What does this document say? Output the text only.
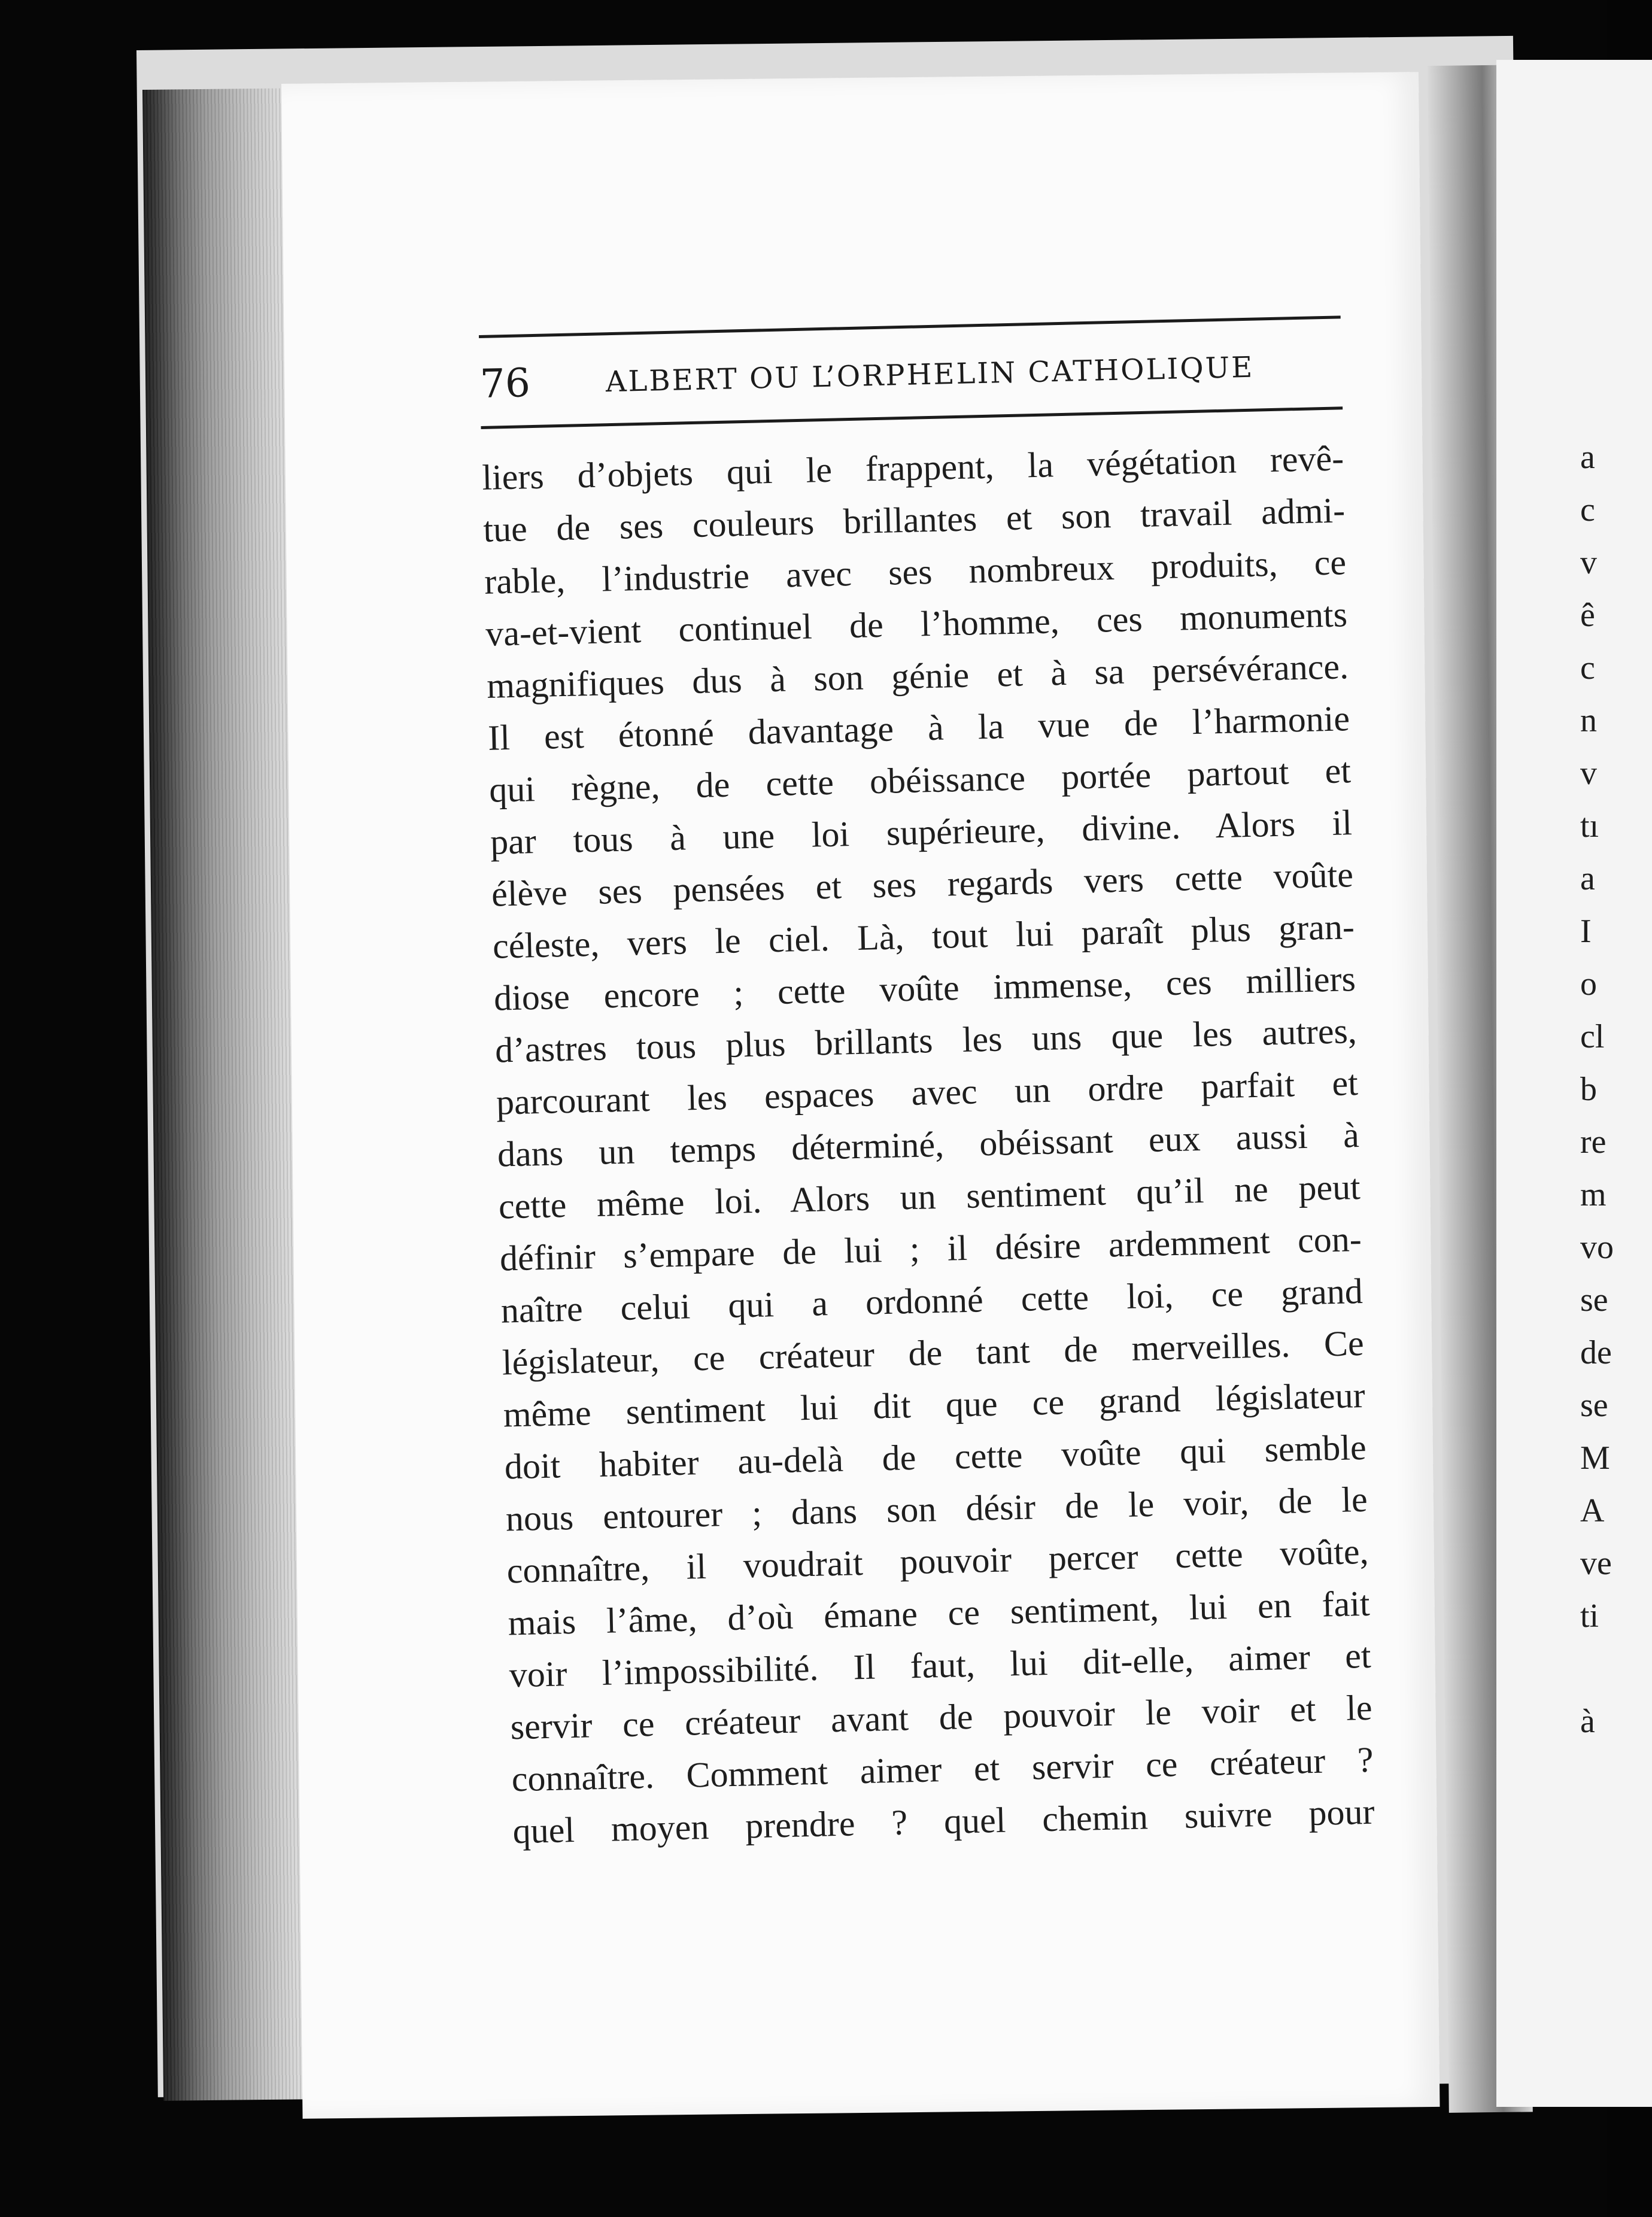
76	ALBERT OU L’ORPHELIN CATHOLIQUE
liers d’objets qui le frappent, la végétation revê-
tue de ses couleurs brillantes et son travail admi-
rable, l’industrie avec ses nombreux produits, ce
va-et-vient continuel de l’homme, ces monuments
magnifiques dus à son génie et à sa persévérance.
Il est étonné davantage à la vue de l’harmonie
qui règne, de cette obéissance portée partout et
par tous à une loi supérieure, divine. Alors il
élève ses pensées et ses regards vers cette voûte
céleste, vers le ciel. Là, tout lui paraît plus gran-
diose encore ; cette voûte immense, ces milliers
d’astres tous plus brillants les uns que les autres,
parcourant les espaces avec un ordre parfait et
dans un temps déterminé, obéissant eux aussi à
cette même loi. Alors un sentiment qu’il ne peut
définir s’empare de lui ; il désire ardemment con-
naître celui qui a ordonné cette loi, ce grand
législateur, ce créateur de tant de merveilles. Ce
même sentiment lui dit que ce grand législateur
doit habiter au-delà de cette voûte qui semble
nous entourer ; dans son désir de le voir, de le
connaître, il voudrait pouvoir percer cette voûte,
mais l’âme, d’où émane ce sentiment, lui en fait
voir l’impossibilité. Il faut, lui dit-elle, aimer et
servir ce créateur avant de pouvoir le voir et le
connaître. Comment aimer et servir ce créateur ?
quel moyen prendre ? quel chemin suivre pour
a
c
v
ê
c
n
v
tı
a
I
o
cl
b
re
m
vo
se
de
se
M
A
ve
ti
à
